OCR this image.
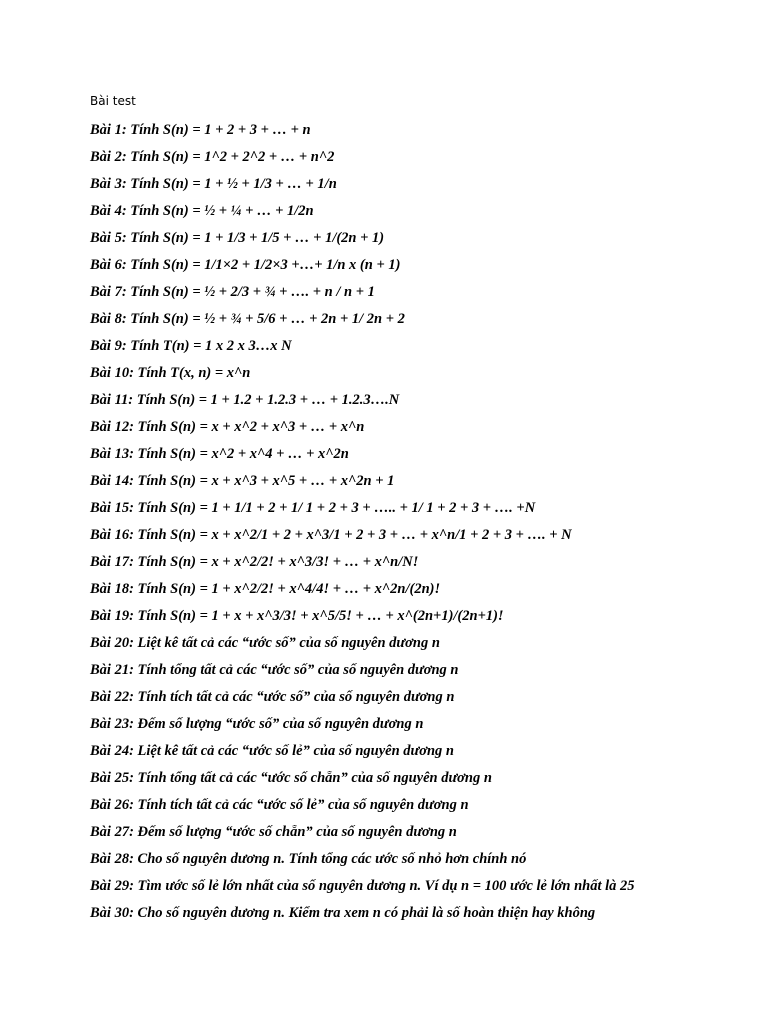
Bài test
Bài 1: Tính S(n) = 1 + 2 + 3 + … + n
Bài 2: Tính S(n) = 1^2 + 2^2 + … + n^2
Bài 3: Tính S(n) = 1 + ½ + 1/3 + … + 1/n
Bài 4: Tính S(n) = ½ + ¼ + … + 1/2n
Bài 5: Tính S(n) = 1 + 1/3 + 1/5 + … + 1/(2n + 1)
Bài 6: Tính S(n) = 1/1×2 + 1/2×3 +…+ 1/n x (n + 1)
Bài 7: Tính S(n) = ½ + 2/3 + ¾ + …. + n / n + 1
Bài 8: Tính S(n) = ½ + ¾ + 5/6 + … + 2n + 1/ 2n + 2
Bài 9: Tính T(n) = 1 x 2 x 3…x N
Bài 10: Tính T(x, n) = x^n
Bài 11: Tính S(n) = 1 + 1.2 + 1.2.3 + … + 1.2.3….N
Bài 12: Tính S(n) = x + x^2 + x^3 + … + x^n
Bài 13: Tính S(n) = x^2 + x^4 + … + x^2n
Bài 14: Tính S(n) = x + x^3 + x^5 + … + x^2n + 1
Bài 15: Tính S(n) = 1 + 1/1 + 2 + 1/ 1 + 2 + 3 + ….. + 1/ 1 + 2 + 3 + …. +N
Bài 16: Tính S(n) = x + x^2/1 + 2 + x^3/1 + 2 + 3 + … + x^n/1 + 2 + 3 + …. + N
Bài 17: Tính S(n) = x + x^2/2! + x^3/3! + … + x^n/N!
Bài 18: Tính S(n) = 1 + x^2/2! + x^4/4! + … + x^2n/(2n)!
Bài 19: Tính S(n) = 1 + x + x^3/3! + x^5/5! + … + x^(2n+1)/(2n+1)!
Bài 20: Liệt kê tất cả các “ước số” của số nguyên dương n
Bài 21: Tính tổng tất cả các “ước số” của số nguyên dương n
Bài 22: Tính tích tất cả các “ước số” của số nguyên dương n
Bài 23: Đếm số lượng “ước số” của số nguyên dương n
Bài 24: Liệt kê tất cả các “ước số lẻ” của số nguyên dương n
Bài 25: Tính tổng tất cả các “ước số chẵn” của số nguyên dương n
Bài 26: Tính tích tất cả các “ước số lẻ” của số nguyên dương n
Bài 27: Đếm số lượng “ước số chẵn” của số nguyên dương n
Bài 28: Cho số nguyên dương n. Tính tổng các ước số nhỏ hơn chính nó
Bài 29: Tìm ước số lẻ lớn nhất của số nguyên dương n. Ví dụ n = 100 ước lẻ lớn nhất là 25
Bài 30: Cho số nguyên dương n. Kiểm tra xem n có phải là số hoàn thiện hay không
